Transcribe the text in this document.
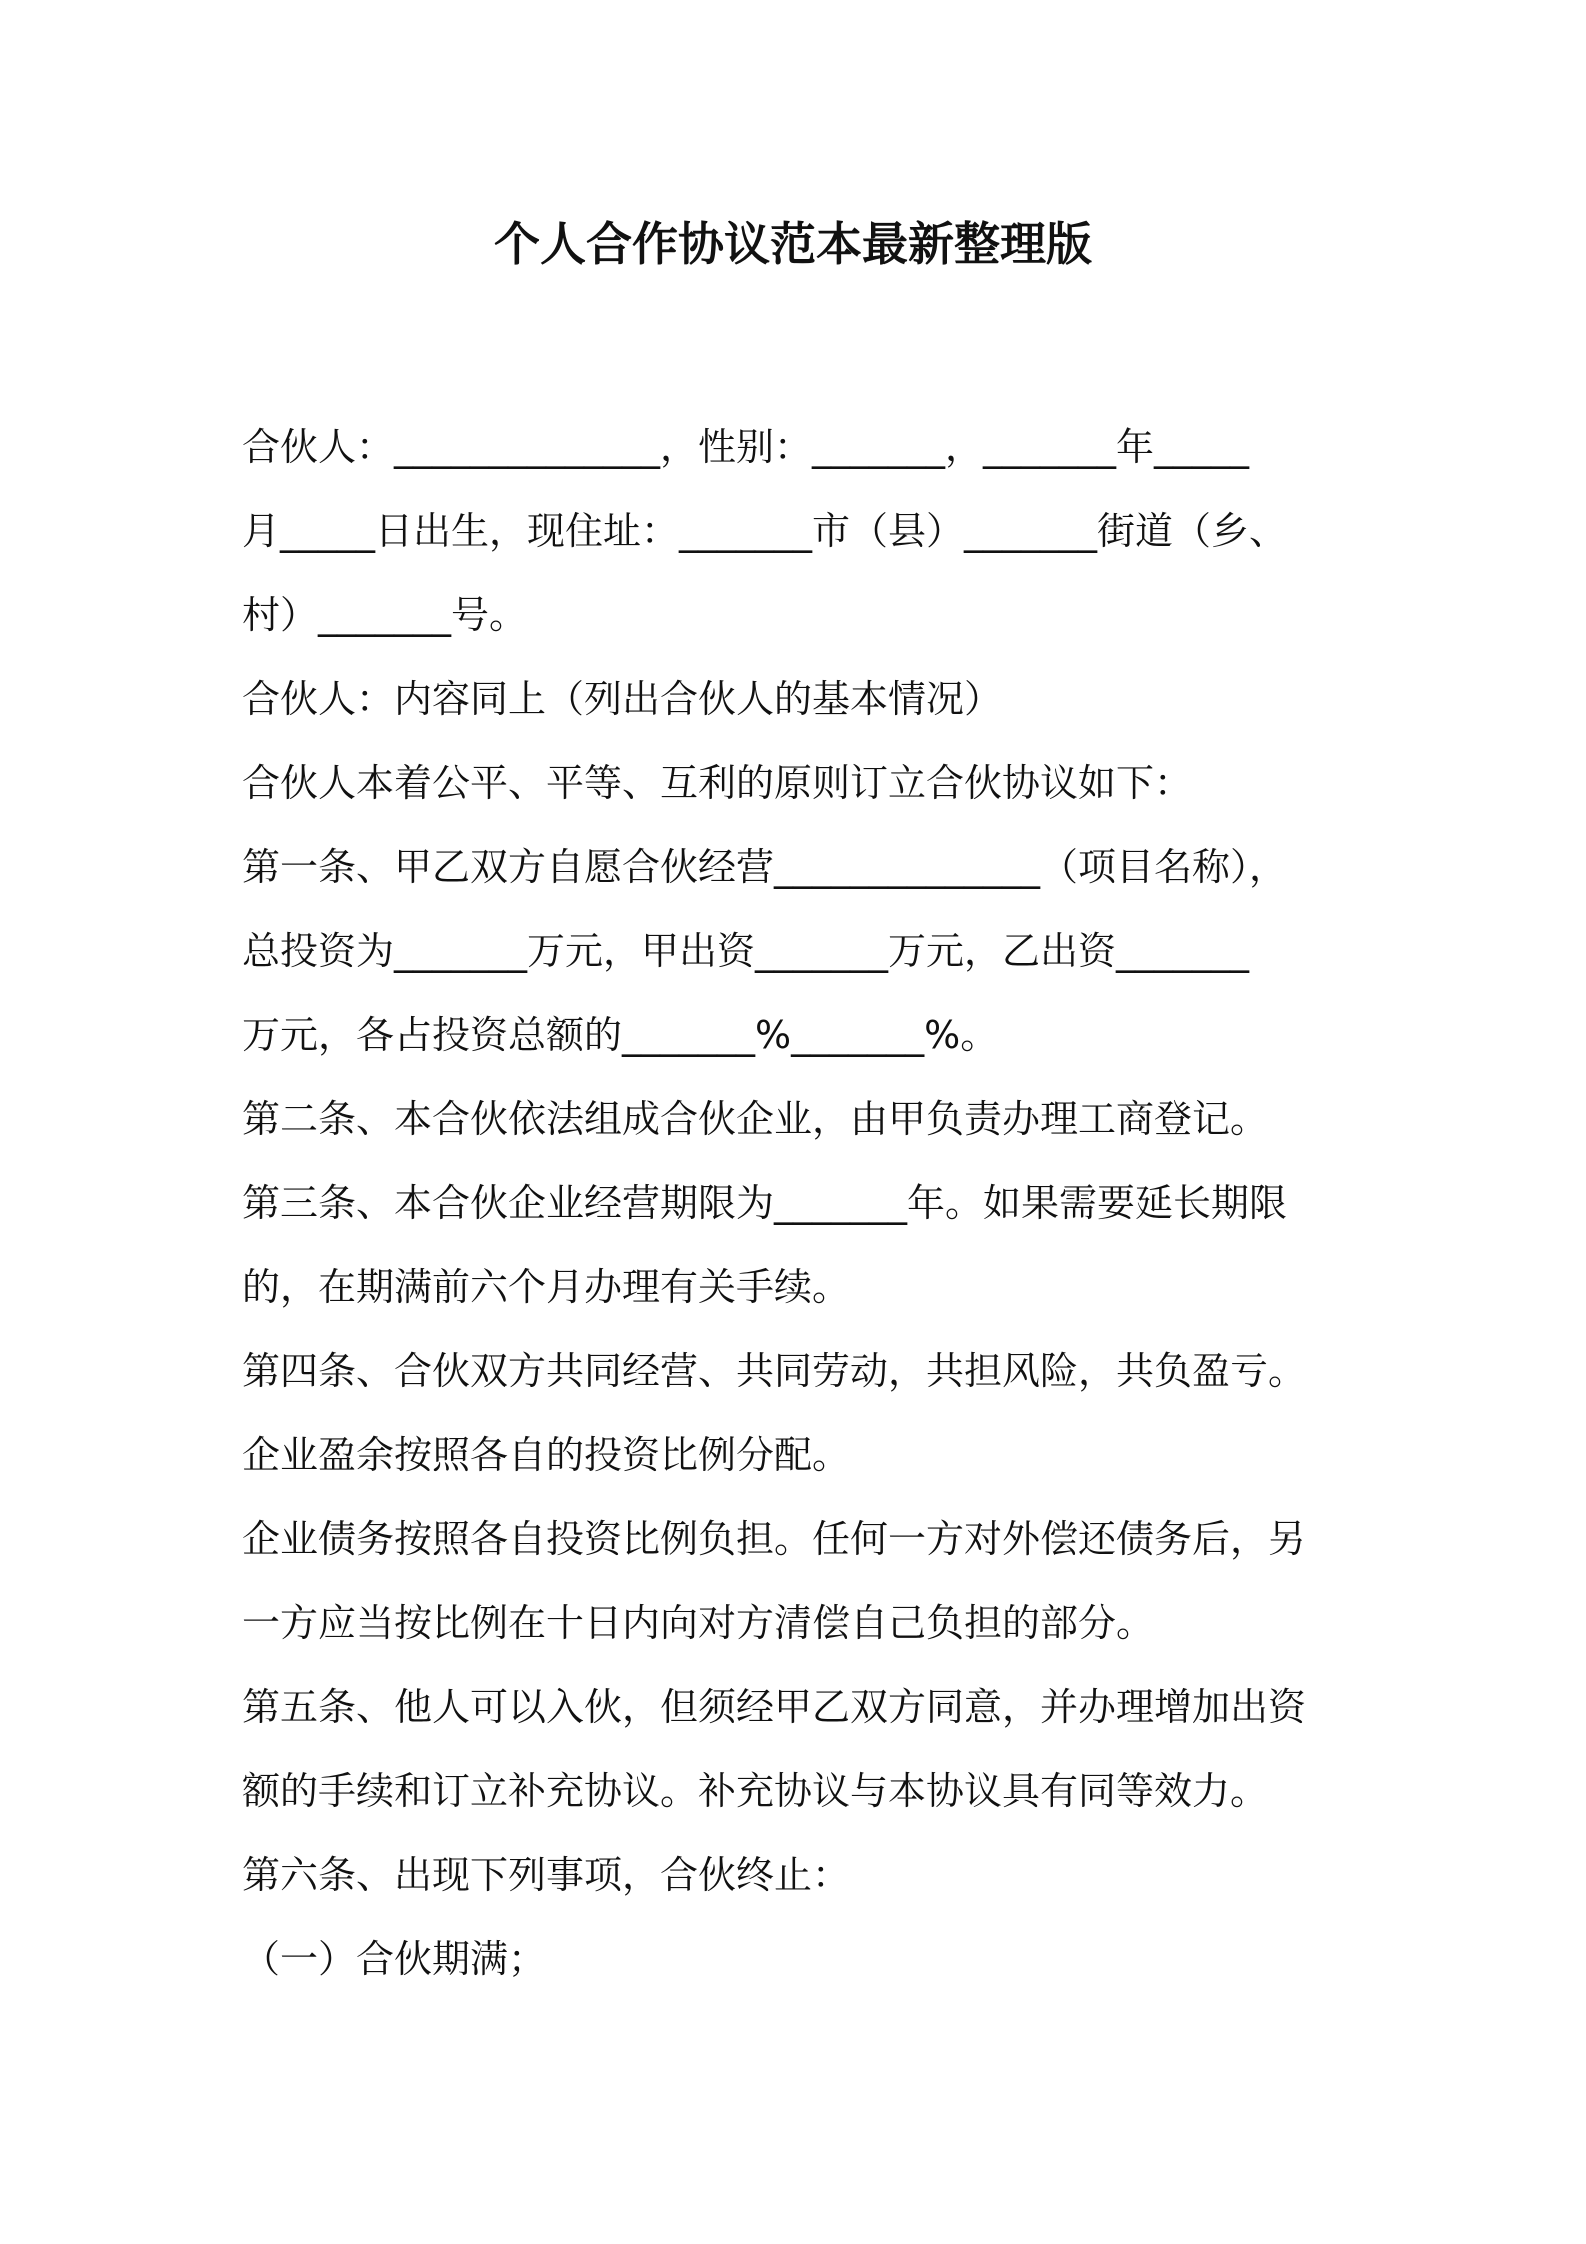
个人合作协议范本最新整理版

合伙人：______________，性别：_______，_______年_____

月_____日出生，现住址：_______市（县）_______街道（乡、

村）_______号。

合伙人：内容同上（列出合伙人的基本情况）

合伙人本着公平、平等、互利的原则订立合伙协议如下：

第一条、甲乙双方自愿合伙经营______________（项目名称），

总投资为_______万元，甲出资_______万元，乙出资_______

万元，各占投资总额的_______%_______%。

第二条、本合伙依法组成合伙企业，由甲负责办理工商登记。

第三条、本合伙企业经营期限为_______年。如果需要延长期限

的，在期满前六个月办理有关手续。

第四条、合伙双方共同经营、共同劳动，共担风险，共负盈亏。

企业盈余按照各自的投资比例分配。

企业债务按照各自投资比例负担。任何一方对外偿还债务后，另

一方应当按比例在十日内向对方清偿自己负担的部分。

第五条、他人可以入伙，但须经甲乙双方同意，并办理增加出资

额的手续和订立补充协议。补充协议与本协议具有同等效力。

第六条、出现下列事项，合伙终止：

（一）合伙期满；
